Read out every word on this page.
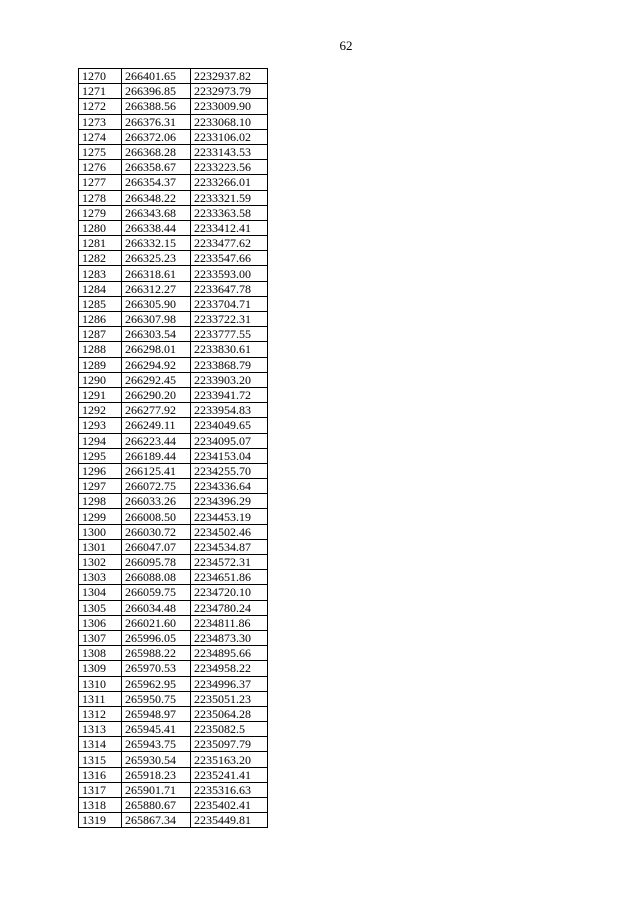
62
1270	266401.65	2232937.82
1271	266396.85	2232973.79
1272	266388.56	2233009.90
1273	266376.31	2233068.10
1274	266372.06	2233106.02
1275	266368.28	2233143.53
1276	266358.67	2233223.56
1277	266354.37	2233266.01
1278	266348.22	2233321.59
1279	266343.68	2233363.58
1280	266338.44	2233412.41
1281	266332.15	2233477.62
1282	266325.23	2233547.66
1283	266318.61	2233593.00
1284	266312.27	2233647.78
1285	266305.90	2233704.71
1286	266307.98	2233722.31
1287	266303.54	2233777.55
1288	266298.01	2233830.61
1289	266294.92	2233868.79
1290	266292.45	2233903.20
1291	266290.20	2233941.72
1292	266277.92	2233954.83
1293	266249.11	2234049.65
1294	266223.44	2234095.07
1295	266189.44	2234153.04
1296	266125.41	2234255.70
1297	266072.75	2234336.64
1298	266033.26	2234396.29
1299	266008.50	2234453.19
1300	266030.72	2234502.46
1301	266047.07	2234534.87
1302	266095.78	2234572.31
1303	266088.08	2234651.86
1304	266059.75	2234720.10
1305	266034.48	2234780.24
1306	266021.60	2234811.86
1307	265996.05	2234873.30
1308	265988.22	2234895.66
1309	265970.53	2234958.22
1310	265962.95	2234996.37
1311	265950.75	2235051.23
1312	265948.97	2235064.28
1313	265945.41	2235082.5
1314	265943.75	2235097.79
1315	265930.54	2235163.20
1316	265918.23	2235241.41
1317	265901.71	2235316.63
1318	265880.67	2235402.41
1319	265867.34	2235449.81
